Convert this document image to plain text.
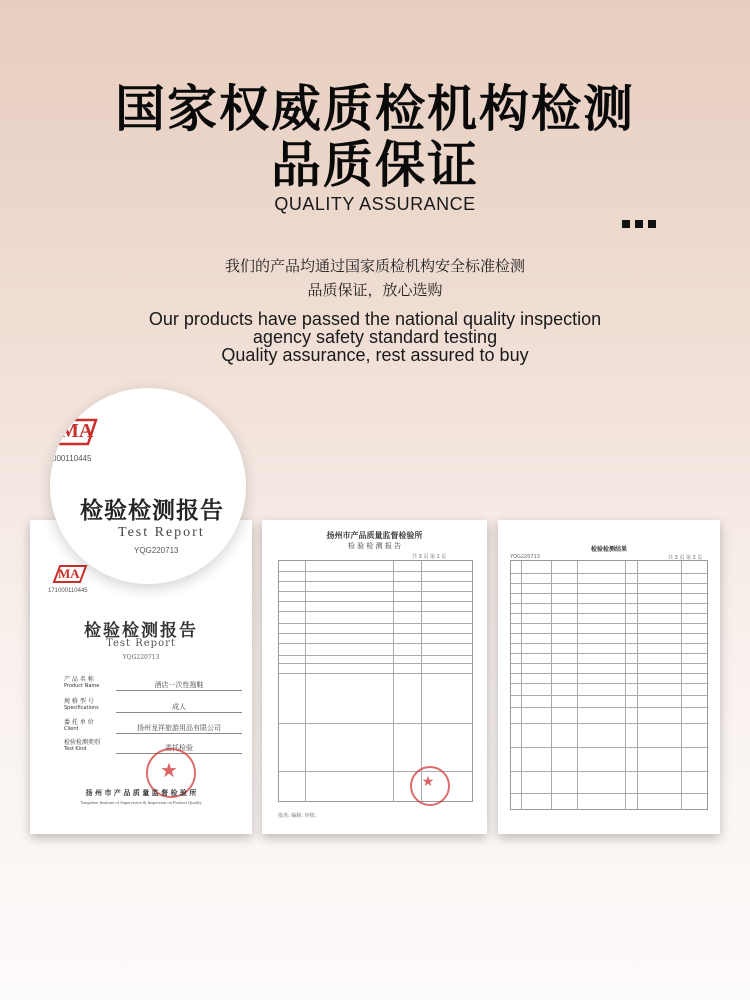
国家权威质检机构检测
品质保证
QUALITY ASSURANCE
我们的产品均通过国家质检机构安全标准检测
品质保证，放心选购
Our products have passed the national quality inspection
agency safety standard testing
Quality assurance, rest assured to buy
MA
171000110445
检验检测报告
Test Report
YQG220713
产 品 名 称
Product Name	酒店一次性拖鞋
规 格 型 号
Specifications	成人
委 托 单 位
Client	扬州龙祥旅游用品有限公司
检验检测类别
Test Kind	委托检验
★
扬 州 市 产 品 质 量 监 督 检 验 所
Yangzhou Institute of Supervision & Inspection on Product Quality
扬州市产品质量监督检验所
检 验 检 测 报 告
共 3 页 第 1 页
★
批准: 编制: 审核:
YQG220713
检验检测结果
共 3 页 第 3 页
MA
000110445
检验检测报告
Test Report
YQG220713
